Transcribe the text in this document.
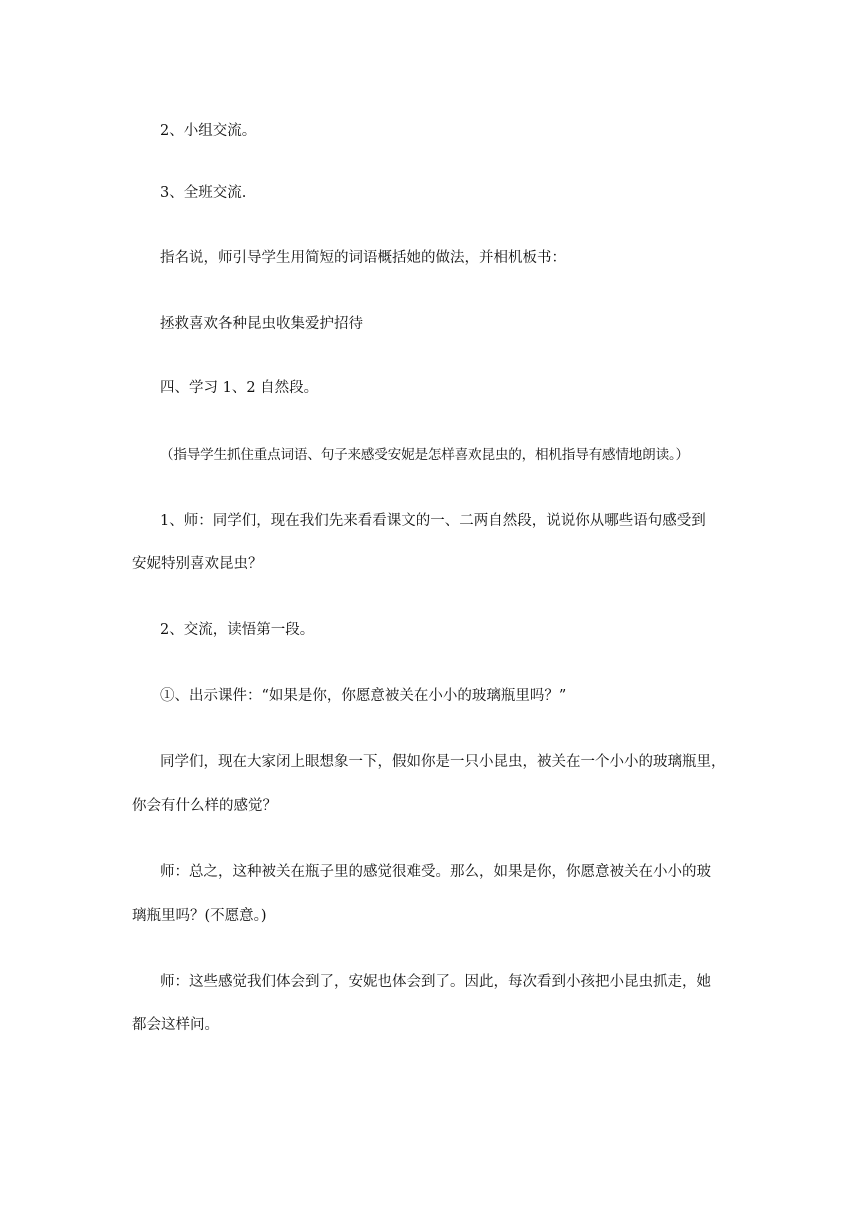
2、小组交流。
3、全班交流.
指名说，师引导学生用简短的词语概括她的做法，并相机板书：
拯救喜欢各种昆虫收集爱护招待
四、学习 1、2 自然段。
（指导学生抓住重点词语、句子来感受安妮是怎样喜欢昆虫的，相机指导有感情地朗读。）
1、师：同学们，现在我们先来看看课文的一、二两自然段，说说你从哪些语句感受到
安妮特别喜欢昆虫？
2、交流，读悟第一段。
①、出示课件：“如果是你，你愿意被关在小小的玻璃瓶里吗？”
同学们，现在大家闭上眼想象一下，假如你是一只小昆虫，被关在一个小小的玻璃瓶里，
你会有什么样的感觉？
师：总之，这种被关在瓶子里的感觉很难受。那么，如果是你，你愿意被关在小小的玻
璃瓶里吗？(不愿意。)
师：这些感觉我们体会到了，安妮也体会到了。因此，每次看到小孩把小昆虫抓走，她
都会这样问。
